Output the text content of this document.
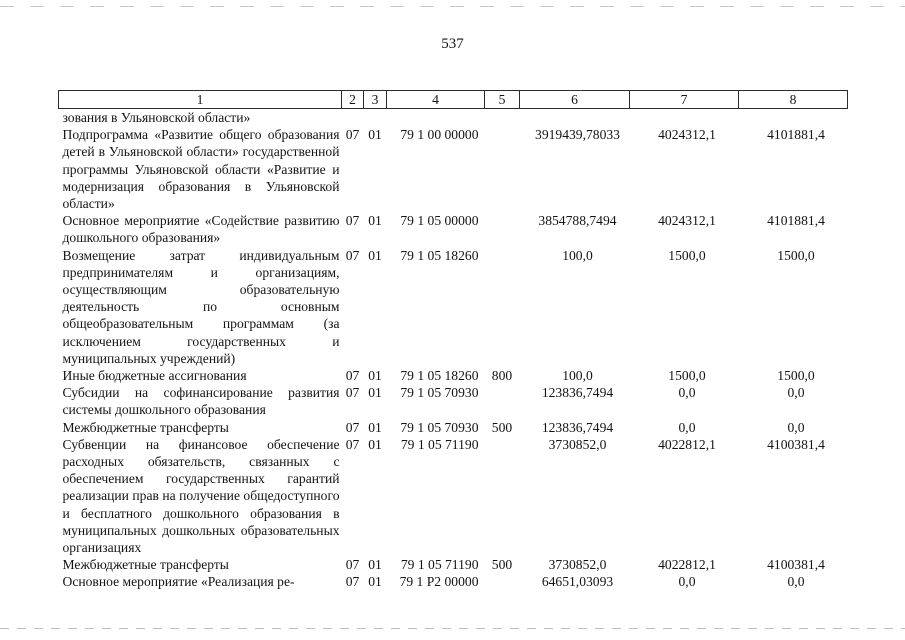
537
1	2	3	4	5	6	7	8
зования в Ульяновской области»							
Подпрограмма «Развитие общего образования детей в Ульяновской области» государственной программы Ульяновской области «Развитие и модернизация образования в Ульяновской области»	07	01	79 1 00 00000		3919439,78033	4024312,1	4101881,4
Основное мероприятие «Содействие развитию дошкольного образования»	07	01	79 1 05 00000		3854788,7494	4024312,1	4101881,4
Возмещение затрат индивидуальным предпринимателям и организациям, осуществляющим образовательную деятельность по основным общеобразовательным программам (за исключением государственных и муниципальных учреждений)	07	01	79 1 05 18260		100,0	1500,0	1500,0
Иные бюджетные ассигнования	07	01	79 1 05 18260	800	100,0	1500,0	1500,0
Субсидии на софинансирование развития системы дошкольного образования	07	01	79 1 05 70930		123836,7494	0,0	0,0
Межбюджетные трансферты	07	01	79 1 05 70930	500	123836,7494	0,0	0,0
Субвенции на финансовое обеспечение расходных обязательств, связанных с обеспечением государственных гарантий реализации прав на получение общедоступного и бесплатного дошкольного образования в муниципальных дошкольных образовательных организациях	07	01	79 1 05 71190		3730852,0	4022812,1	4100381,4
Межбюджетные трансферты	07	01	79 1 05 71190	500	3730852,0	4022812,1	4100381,4
Основное мероприятие «Реализация ре-	07	01	79 1 P2 00000		64651,03093	0,0	0,0
